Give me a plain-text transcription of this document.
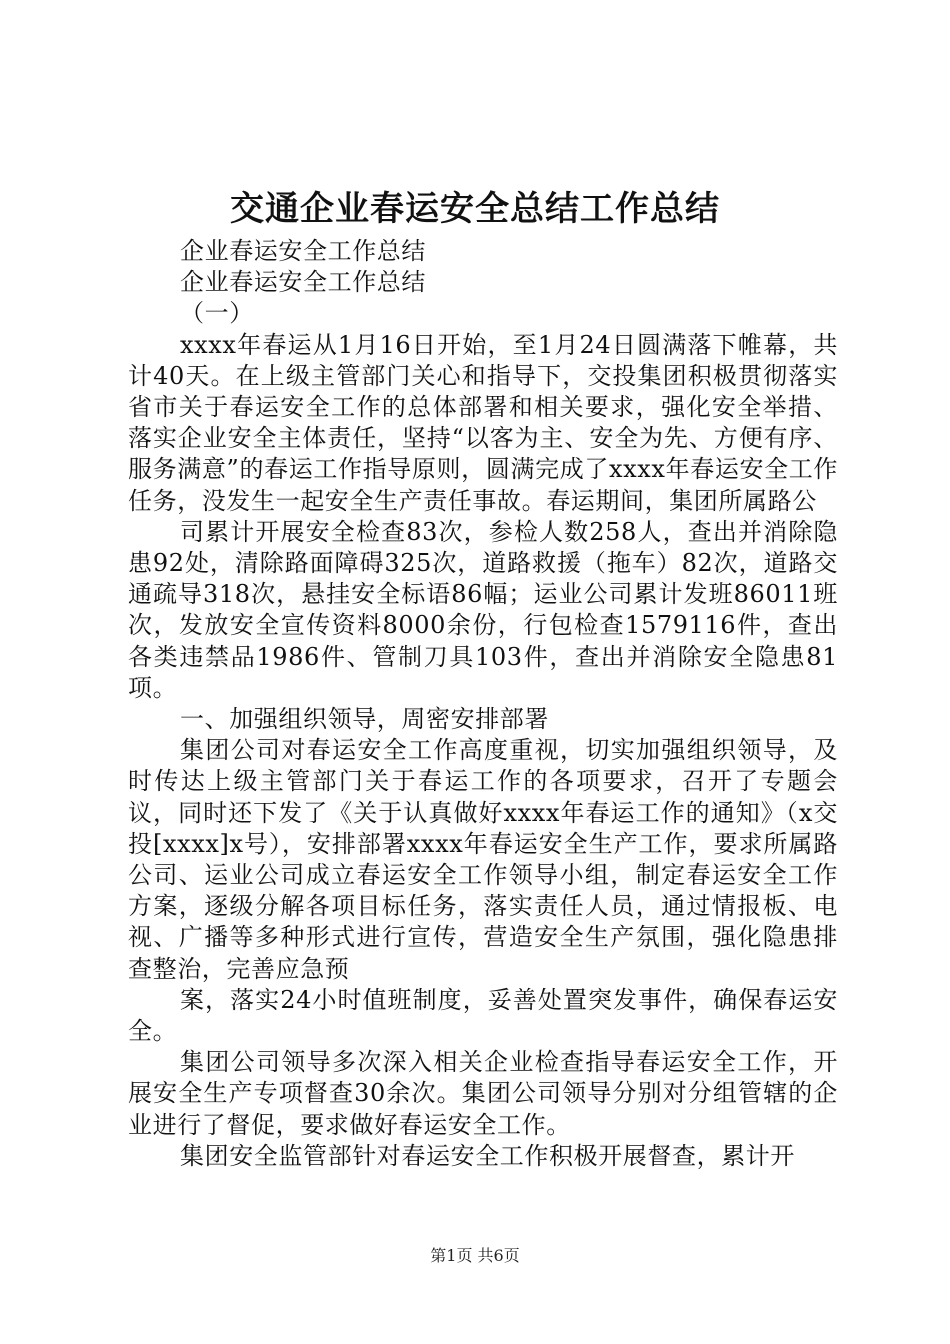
交通企业春运安全总结工作总结

企业春运安全工作总结

企业春运安全工作总结

（一）

xxxx年春运从1月16日开始，至1月24日圆满落下帷幕，共计40天。在上级主管部门关心和指导下，交投集团积极贯彻落实省市关于春运安全工作的总体部署和相关要求，强化安全举措、落实企业安全主体责任，坚持“以客为主、安全为先、方便有序、服务满意”的春运工作指导原则，圆满完成了xxxx年春运安全工作任务，没发生一起安全生产责任事故。春运期间，集团所属路公

司累计开展安全检查83次，参检人数258人，查出并消除隐患92处，清除路面障碍325次，道路救援（拖车）82次，道路交通疏导318次，悬挂安全标语86幅；运业公司累计发班86011班次，发放安全宣传资料8000余份，行包检查1579116件，查出各类违禁品1986件、管制刀具103件，查出并消除安全隐患81项。

一、加强组织领导，周密安排部署

集团公司对春运安全工作高度重视，切实加强组织领导，及时传达上级主管部门关于春运工作的各项要求，召开了专题会议，同时还下发了《关于认真做好xxxx年春运工作的通知》（x交投[xxxx]x号），安排部署xxxx年春运安全生产工作，要求所属路公司、运业公司成立春运安全工作领导小组，制定春运安全工作方案，逐级分解各项目标任务，落实责任人员，通过情报板、电视、广播等多种形式进行宣传，营造安全生产氛围，强化隐患排查整治，完善应急预

案，落实24小时值班制度，妥善处置突发事件，确保春运安全。

集团公司领导多次深入相关企业检查指导春运安全工作，开展安全生产专项督查30余次。集团公司领导分别对分组管辖的企业进行了督促，要求做好春运安全工作。

集团安全监管部针对春运安全工作积极开展督查，累计开

第1页 共6页
